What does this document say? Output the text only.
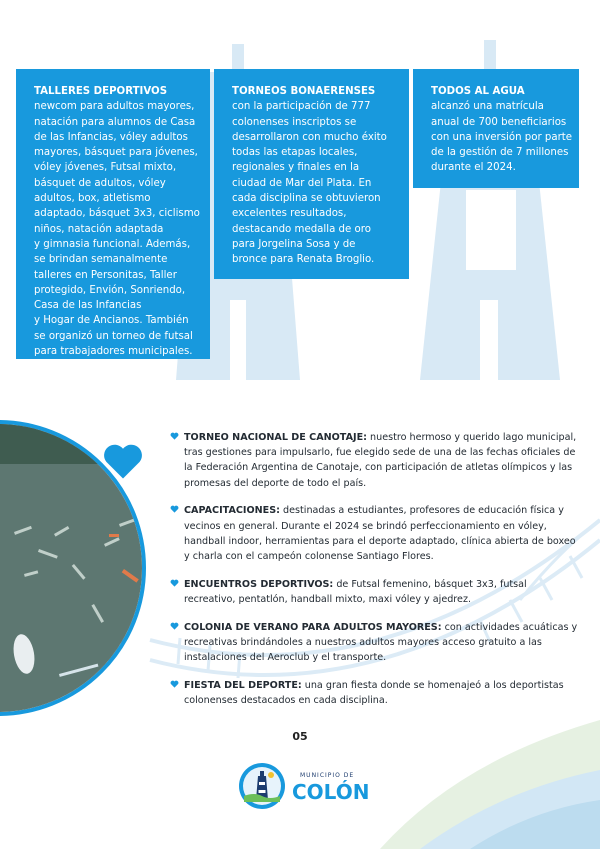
TALLERES DEPORTIVOS
newcom para adultos mayores,
natación para alumnos de Casa
de las Infancias, vóley adultos
mayores, básquet para jóvenes,
vóley jóvenes, Futsal mixto,
básquet de adultos, vóley
adultos, box, atletismo
adaptado, básquet 3x3, ciclismo
niños, natación adaptada
y gimnasia funcional. Además,
se brindan semanalmente
talleres en Personitas, Taller
protegido, Envión, Sonriendo,
Casa de las Infancias
y Hogar de Ancianos. También
se organizó un torneo de futsal
para trabajadores municipales.
TORNEOS BONAERENSES
con la participación de 777
colonenses inscriptos se
desarrollaron con mucho éxito
todas las etapas locales,
regionales y finales en la
ciudad de Mar del Plata. En
cada disciplina se obtuvieron
excelentes resultados,
destacando medalla de oro
para Jorgelina Sosa y de
bronce para Renata Broglio.
TODOS AL AGUA
alcanzó una matrícula
anual de 700 beneficiarios
con una inversión por parte
de la gestión de 7 millones
durante el 2024.
TORNEO NACIONAL DE CANOTAJE: nuestro hermoso y querido lago municipal, tras gestiones para impulsarlo, fue elegido sede de una de las fechas oficiales de la Federación Argentina de Canotaje, con participación de atletas olímpicos y las promesas del deporte de todo el país.
CAPACITACIONES: destinadas a estudiantes, profesores de educación física y vecinos en general. Durante el 2024 se brindó perfeccionamiento en vóley, handball indoor, herramientas para el deporte adaptado, clínica abierta de boxeo y charla con el campeón colonense Santiago Flores.
ENCUENTROS DEPORTIVOS: de Futsal femenino, básquet 3x3, futsal recreativo, pentatlón, handball mixto, maxi vóley y ajedrez.
COLONIA DE VERANO PARA ADULTOS MAYORES: con actividades acuáticas y recreativas brindándoles a nuestros adultos mayores acceso gratuito a las instalaciones del Aeroclub y el transporte.
FIESTA DEL DEPORTE: una gran fiesta donde se homenajeó a los deportistas colonenses destacados en cada disciplina.
05
MUNICIPIO DE
COLÓN
